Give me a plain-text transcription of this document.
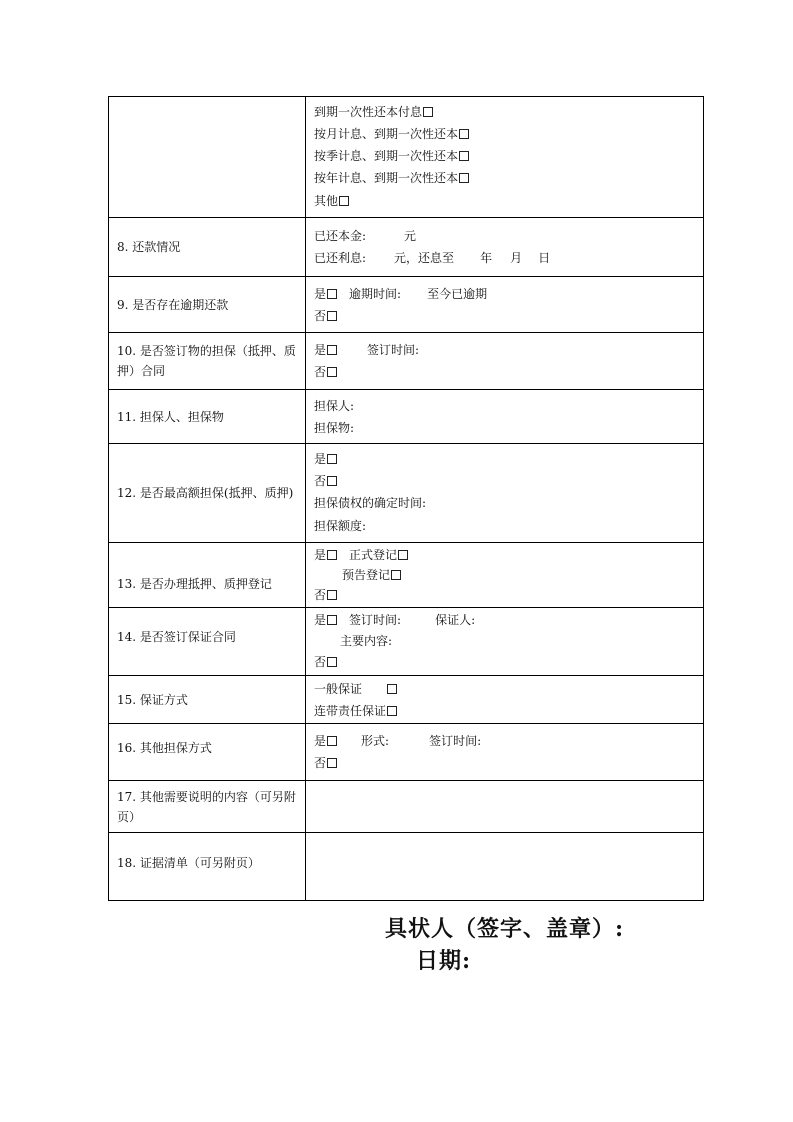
	到期一次性还本付息
按月计息、到期一次性还本
按季计息、到期一次性还本
按年计息、到期一次性还本
其他

8. 还款情况	已还本金: 元
已还利息: 元，还息至 年 月 日

9. 是否存在逾期还款	是 逾期时间: 至今已逾期
否

10. 是否签订物的担保（抵押、质押）合同	是 签订时间:
否

11. 担保人、担保物	担保人:
担保物:

12. 是否最高额担保(抵押、质押)	是
否
担保债权的确定时间:
担保额度:

13. 是否办理抵押、质押登记	是 正式登记
预告登记
否

14. 是否签订保证合同	是 签订时间: 保证人:
主要内容:
否

15. 保证方式	一般保证
连带责任保证

16. 其他担保方式	是 形式: 签订时间:
否

17. 其他需要说明的内容（可另附页）	
18. 证据清单（可另附页）	
具状人（签字、盖章）:
日期:
